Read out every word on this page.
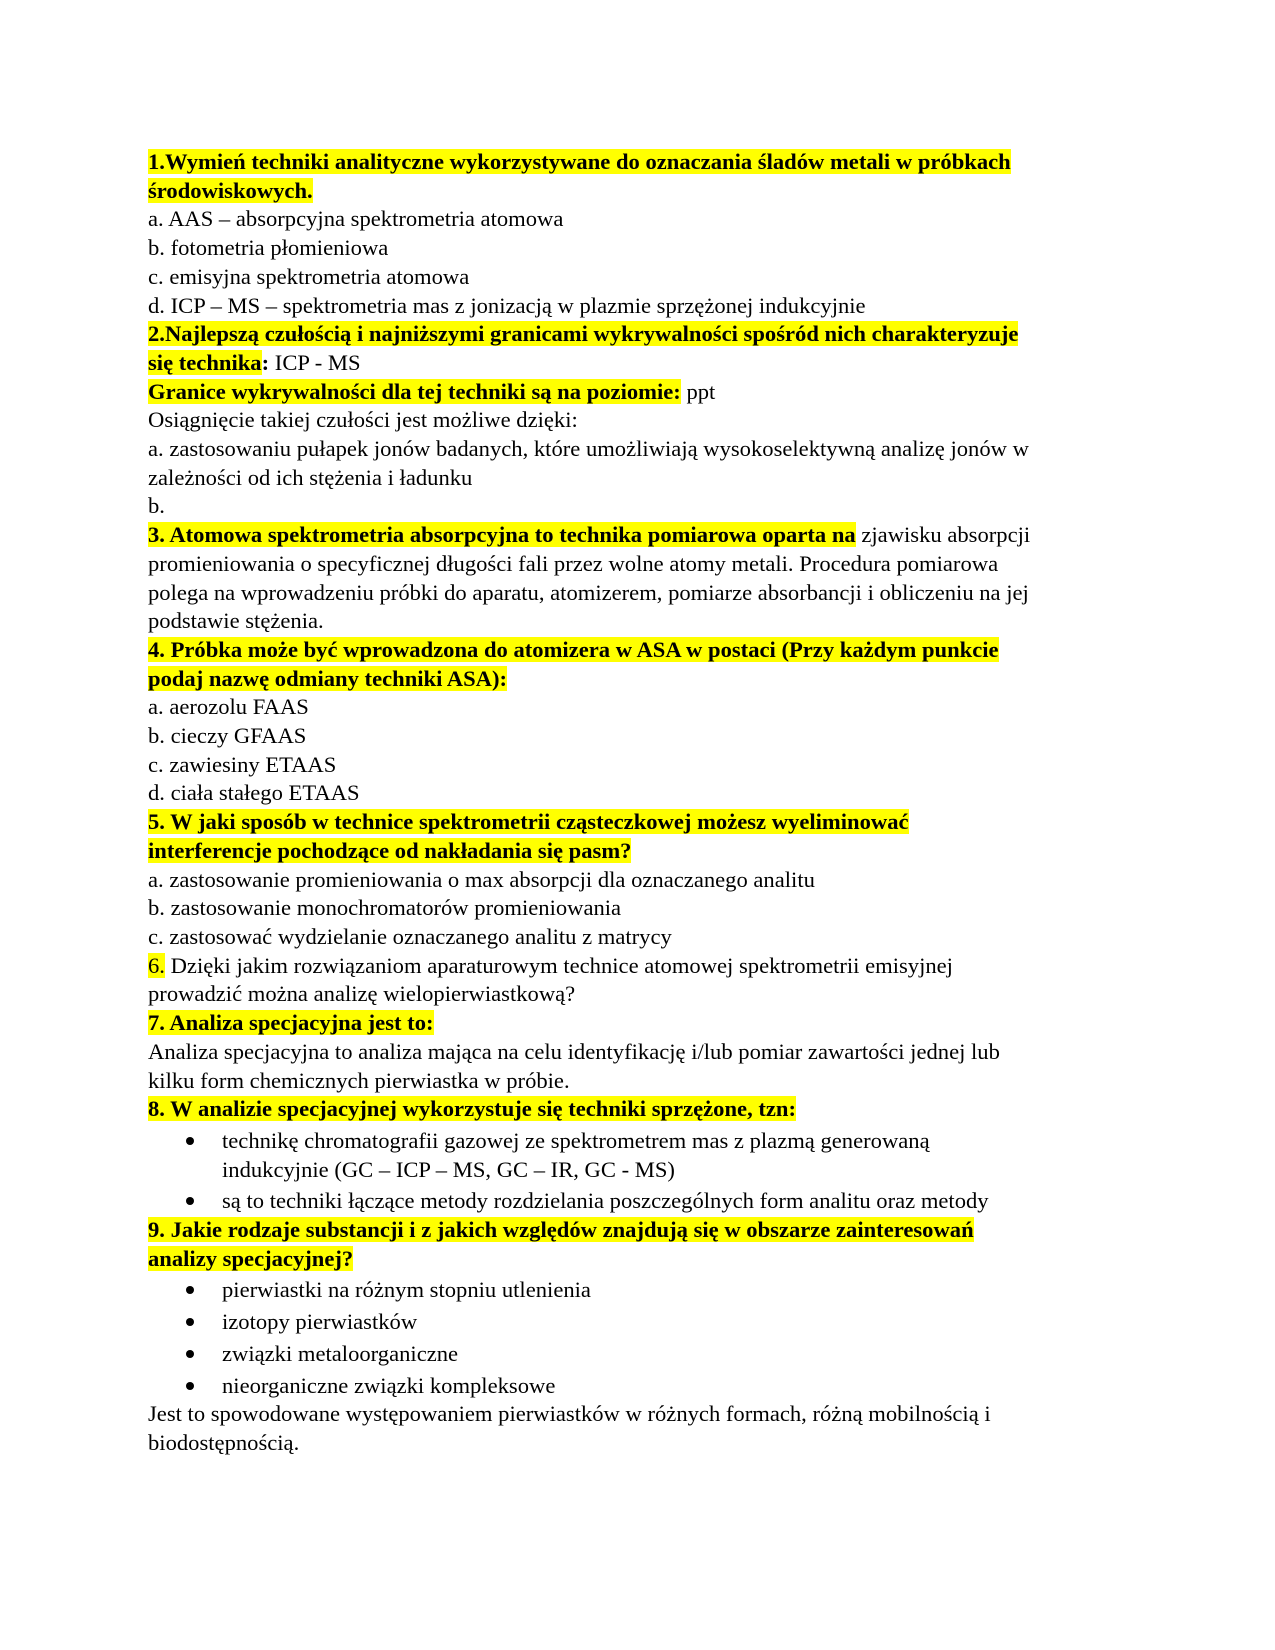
1.Wymień techniki analityczne wykorzystywane do oznaczania śladów metali w próbkach
środowiskowych.
a. AAS – absorpcyjna spektrometria atomowa
b. fotometria płomieniowa
c. emisyjna spektrometria atomowa
d. ICP – MS – spektrometria mas z jonizacją w plazmie sprzężonej indukcyjnie
2.Najlepszą czułością i najniższymi granicami wykrywalności spośród nich charakteryzuje
się technika: ICP - MS
Granice wykrywalności dla tej techniki są na poziomie: ppt
Osiągnięcie takiej czułości jest możliwe dzięki:
a. zastosowaniu pułapek jonów badanych, które umożliwiają wysokoselektywną analizę jonów w
zależności od ich stężenia i ładunku
b.
3. Atomowa spektrometria absorpcyjna to technika pomiarowa oparta na zjawisku absorpcji
promieniowania o specyficznej długości fali przez wolne atomy metali. Procedura pomiarowa
polega na wprowadzeniu próbki do aparatu, atomizerem, pomiarze absorbancji i obliczeniu na jej
podstawie stężenia.
4. Próbka może być wprowadzona do atomizera w ASA w postaci (Przy każdym punkcie
podaj nazwę odmiany techniki ASA):
a. aerozolu FAAS
b. cieczy GFAAS
c. zawiesiny ETAAS
d. ciała stałego ETAAS
5. W jaki sposób w technice spektrometrii cząsteczkowej możesz wyeliminować
interferencje pochodzące od nakładania się pasm?
a. zastosowanie promieniowania o max absorpcji dla oznaczanego analitu
b. zastosowanie monochromatorów promieniowania
c. zastosować wydzielanie oznaczanego analitu z matrycy
6. Dzięki jakim rozwiązaniom aparaturowym technice atomowej spektrometrii emisyjnej
prowadzić można analizę wielopierwiastkową?
7. Analiza specjacyjna jest to:
Analiza specjacyjna to analiza mająca na celu identyfikację i/lub pomiar zawartości jednej lub
kilku form chemicznych pierwiastka w próbie.
8. W analizie specjacyjnej wykorzystuje się techniki sprzężone, tzn:
technikę chromatografii gazowej ze spektrometrem mas z plazmą generowaną
indukcyjnie (GC – ICP – MS, GC – IR, GC - MS)
są to techniki łączące metody rozdzielania poszczególnych form analitu oraz metody
9. Jakie rodzaje substancji i z jakich względów znajdują się w obszarze zainteresowań
analizy specjacyjnej?
pierwiastki na różnym stopniu utlenienia
izotopy pierwiastków
związki metaloorganiczne
nieorganiczne związki kompleksowe
Jest to spowodowane występowaniem pierwiastków w różnych formach, różną mobilnością i
biodostępnością.
